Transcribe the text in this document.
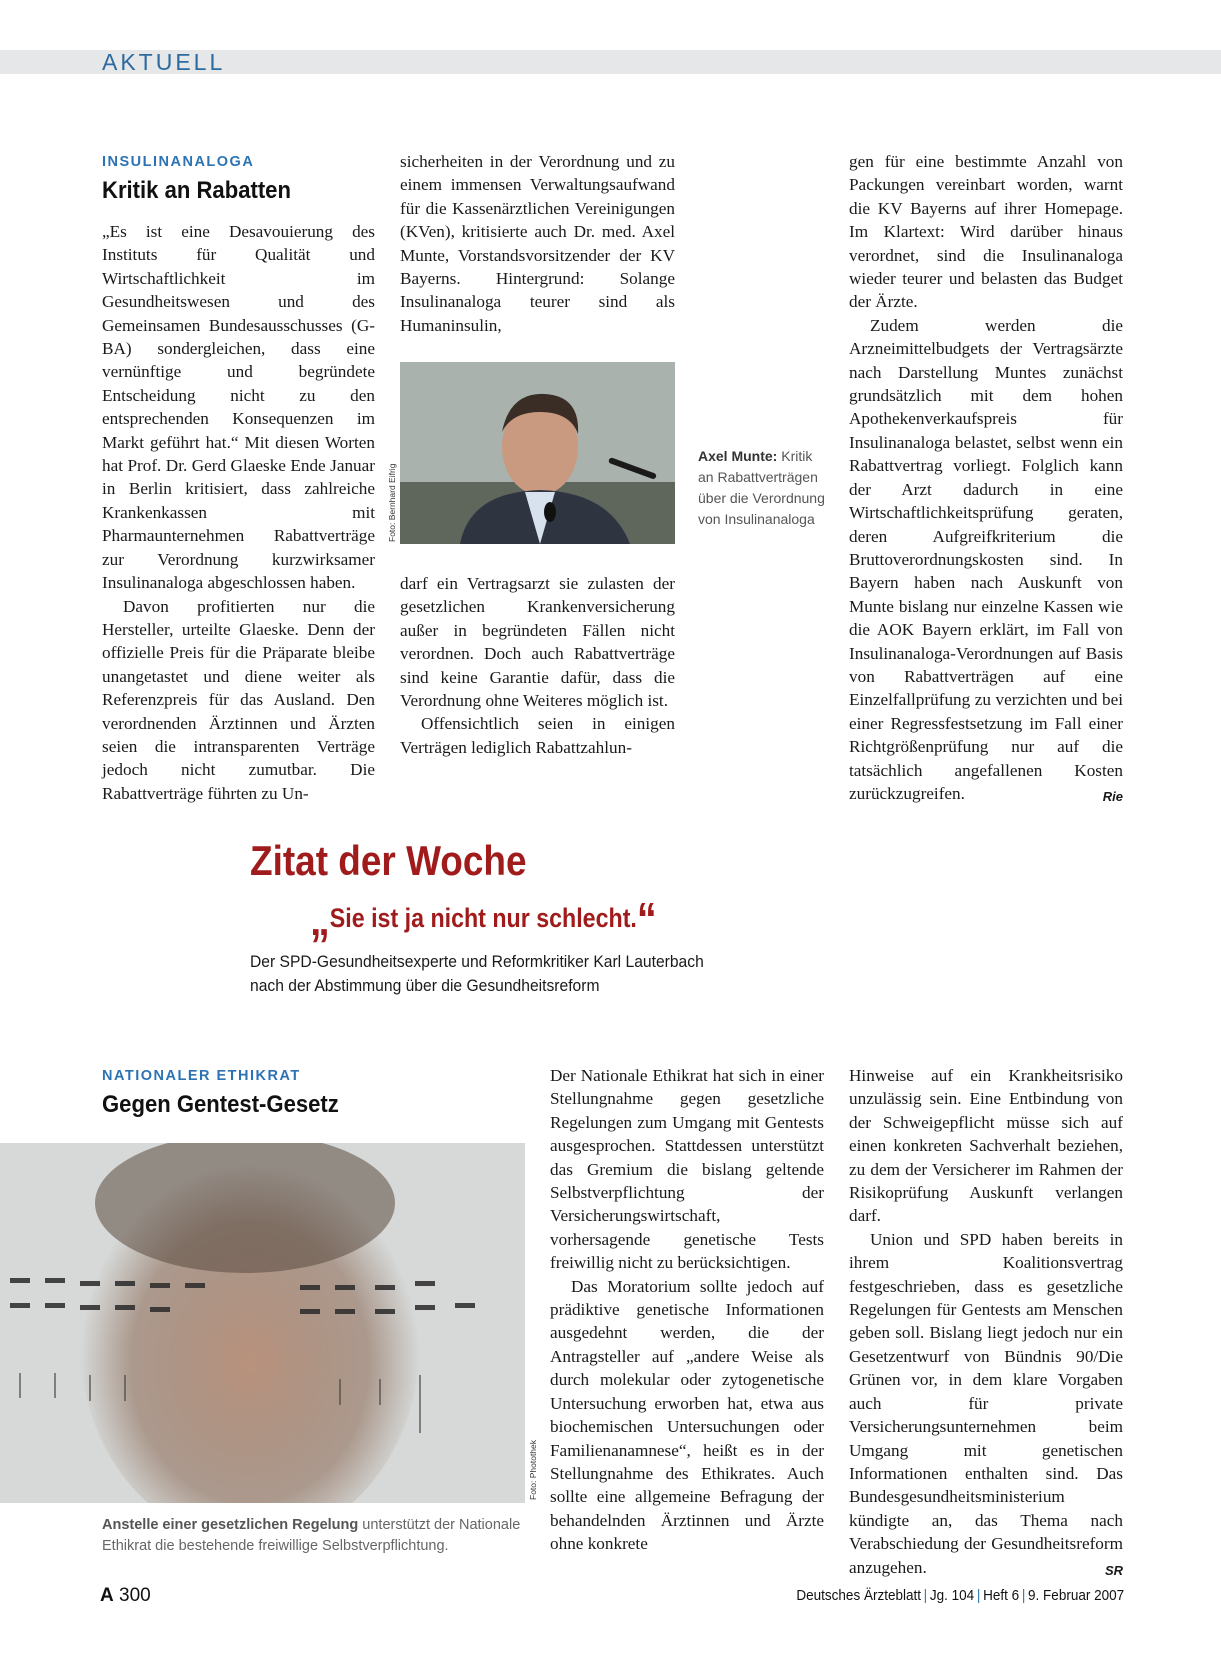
AKTUELL
INSULINANALOGA
Kritik an Rabatten

„Es ist eine Desavouierung des Instituts für Qualität und Wirtschaftlichkeit im Gesundheitswesen und des Gemeinsamen Bundesausschusses (G-BA) sondergleichen, dass eine vernünftige und begründete Entscheidung nicht zu den entsprechenden Konsequenzen im Markt geführt hat.“ Mit diesen Worten hat Prof. Dr. Gerd Glaeske Ende Januar in Berlin kritisiert, dass zahlreiche Krankenkassen mit Pharmaunternehmen Rabattverträge zur Verordnung kurzwirksamer Insulinanaloga abgeschlossen haben.

Davon profitierten nur die Hersteller, urteilte Glaeske. Denn der offizielle Preis für die Präparate bleibe unangetastet und diene weiter als Referenzpreis für das Ausland. Den verordnenden Ärztinnen und Ärzten seien die intransparenten Verträge jedoch nicht zumutbar. Die Rabattverträge führten zu Un-

sicherheiten in der Verordnung und zu einem immensen Verwaltungsaufwand für die Kassenärztlichen Vereinigungen (KVen), kritisierte auch Dr. med. Axel Munte, Vorstandsvorsitzender der KV Bayerns. Hintergrund: Solange Insulinanaloga teurer sind als Humaninsulin,

Foto: Bernhard Eifrig
Axel Munte: Kritik an Rabattverträgen über die Verordnung von Insulinanaloga

darf ein Vertragsarzt sie zulasten der gesetzlichen Krankenversicherung außer in begründeten Fällen nicht verordnen. Doch auch Rabattverträge sind keine Garantie dafür, dass die Verordnung ohne Weiteres möglich ist.

Offensichtlich seien in einigen Verträgen lediglich Rabattzahlun-

gen für eine bestimmte Anzahl von Packungen vereinbart worden, warnt die KV Bayerns auf ihrer Homepage. Im Klartext: Wird darüber hinaus verordnet, sind die Insulinanaloga wieder teurer und belasten das Budget der Ärzte.

Zudem werden die Arzneimittelbudgets der Vertragsärzte nach Darstellung Muntes zunächst grundsätzlich mit dem hohen Apothekenverkaufspreis für Insulinanaloga belastet, selbst wenn ein Rabattvertrag vorliegt. Folglich kann der Arzt dadurch in eine Wirtschaftlichkeitsprüfung geraten, deren Aufgreifkriterium die Bruttoverordnungskosten sind. In Bayern haben nach Auskunft von Munte bislang nur einzelne Kassen wie die AOK Bayern erklärt, im Fall von Insulinanaloga-Verordnungen auf Basis von Rabattverträgen auf eine Einzelfallprüfung zu verzichten und bei einer Regressfestsetzung im Fall einer Richtgrößenprüfung nur auf die tatsächlich angefallenen Kosten zurückzugreifen.	Rie

Zitat der Woche
„Sie ist ja nicht nur schlecht.“
Der SPD-Gesundheitsexperte und Reformkritiker Karl Lauterbach nach der Abstimmung über die Gesundheitsreform
NATIONALER ETHIKRAT
Gegen Gentest-Gesetz
Foto: Photothek
Anstelle einer gesetzlichen Regelung unterstützt der Nationale Ethikrat die bestehende freiwillige Selbstverpflichtung.

Der Nationale Ethikrat hat sich in einer Stellungnahme gegen gesetzliche Regelungen zum Umgang mit Gentests ausgesprochen. Stattdessen unterstützt das Gremium die bislang geltende Selbstverpflichtung der Versicherungswirtschaft, vorhersagende genetische Tests freiwillig nicht zu berücksichtigen.

Das Moratorium sollte jedoch auf prädiktive genetische Informationen ausgedehnt werden, die der Antragsteller auf „andere Weise als durch molekular oder zytogenetische Untersuchung erworben hat, etwa aus biochemischen Untersuchungen oder Familienanamnese“, heißt es in der Stellungnahme des Ethikrates. Auch sollte eine allgemeine Befragung der behandelnden Ärztinnen und Ärzte ohne konkrete

Hinweise auf ein Krankheitsrisiko unzulässig sein. Eine Entbindung von der Schweigepflicht müsse sich auf einen konkreten Sachverhalt beziehen, zu dem der Versicherer im Rahmen der Risikoprüfung Auskunft verlangen darf.

Union und SPD haben bereits in ihrem Koalitionsvertrag festgeschrieben, dass es gesetzliche Regelungen für Gentests am Menschen geben soll. Bislang liegt jedoch nur ein Gesetzentwurf von Bündnis 90/Die Grünen vor, in dem klare Vorgaben auch für private Versicherungsunternehmen beim Umgang mit genetischen Informationen enthalten sind. Das Bundesgesundheitsministerium kündigte an, das Thema nach Verabschiedung der Gesundheitsreform anzugehen.	SR

A 300	Deutsches Ärzteblatt | Jg. 104 | Heft 6 | 9. Februar 2007
